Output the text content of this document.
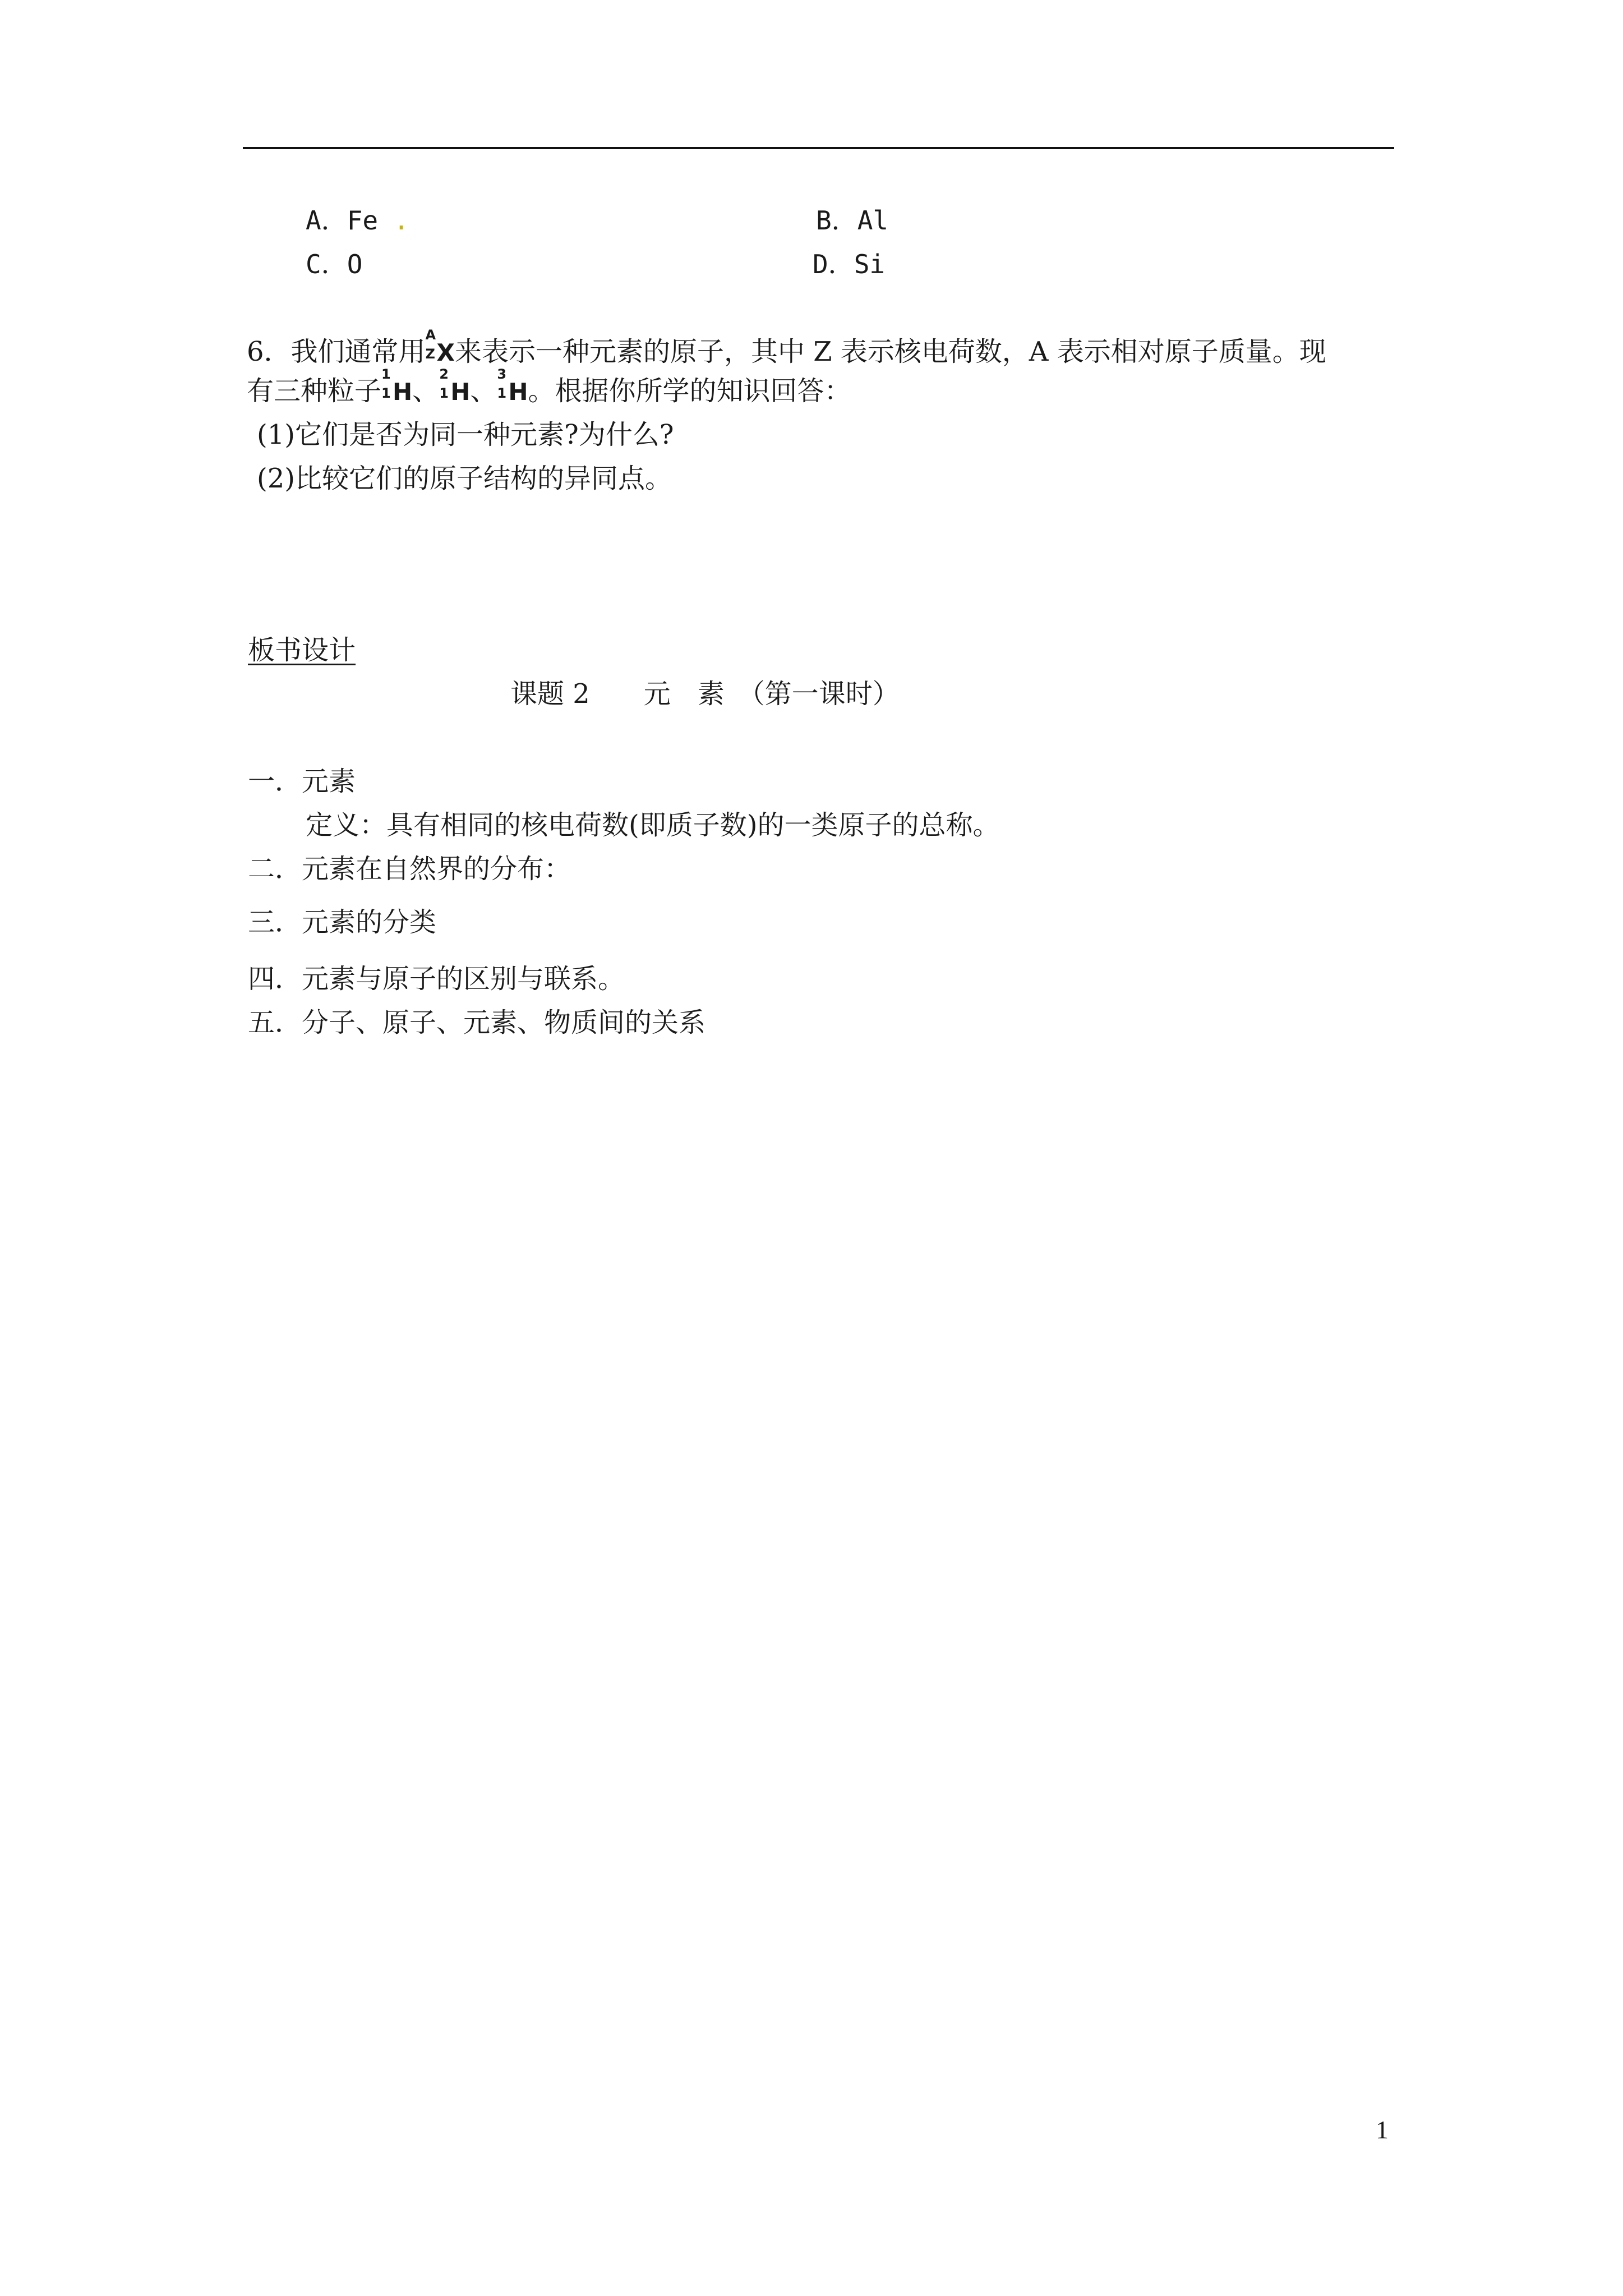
A．Fe .	B．Al
C．O	D．Si
6．我们通常用
A
Z X来表示一种元素的原子，其中 Z 表示核电荷数，A 表示相对原子质量。现
有三种粒子
1
1 H、
2
1 H、
3
1 H。根据你所学的知识回答：
(1)它们是否为同一种元素?为什么?
(2)比较它们的原子结构的异同点。
板书设计
课题 2　　元　素　（第一课时）
一．元素
定义：具有相同的核电荷数(即质子数)的一类原子的总称。
二．元素在自然界的分布：
三．元素的分类
四．元素与原子的区别与联系。
五．分子、原子、元素、物质间的关系
1
